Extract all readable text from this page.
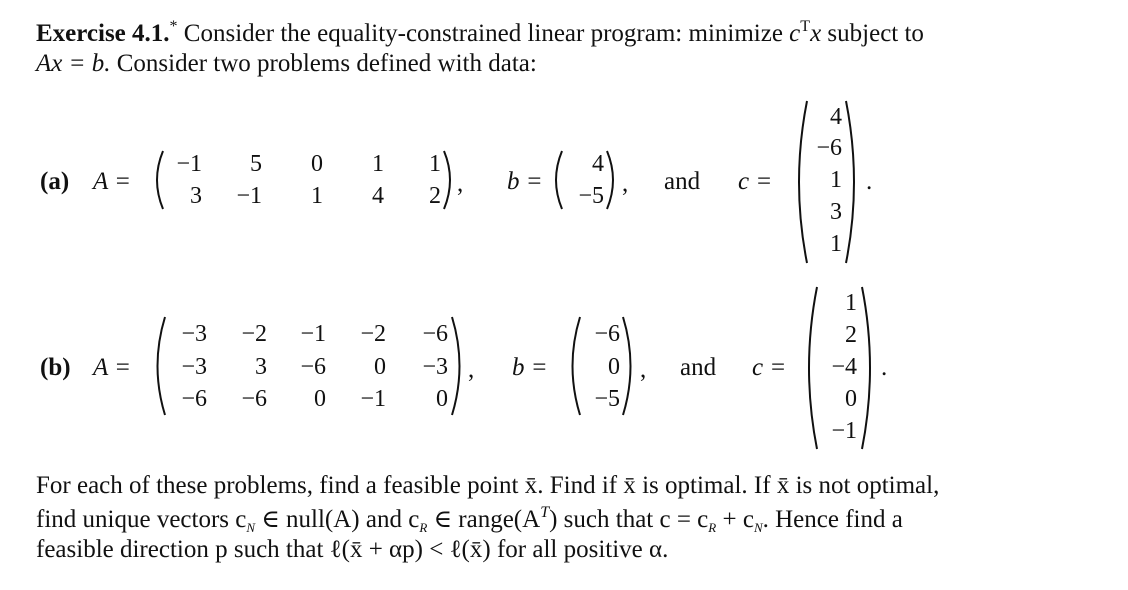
Exercise 4.1.* Consider the equality-constrained linear program: minimize $c^Tx$ subject to
Ax = b. Consider two problems defined with data:
(a) A =
−1	5	0	1	1
3	−1	1	4	2 , b =
4
−5 , and c =
4
−6
1
3
1
.
(b) A =
−3	−2	−1	−2	−6
−3	3	−6	0	−3
−6	−6	0	−1	0
, b =
−6
0
−5
, and c =
1
2
−4
0
−1
.
For each of these problems, find a feasible point x̄. Find if x̄ is optimal. If x̄ is not optimal,
find unique vectors $c_N$ ∈ null(A) and $c_R$ ∈ $range(A^T)$ such that $c = c_R + c_N$. Hence find a
feasible direction p such that ℓ(x̄ + αp) < ℓ(x̄) for all positive α.
